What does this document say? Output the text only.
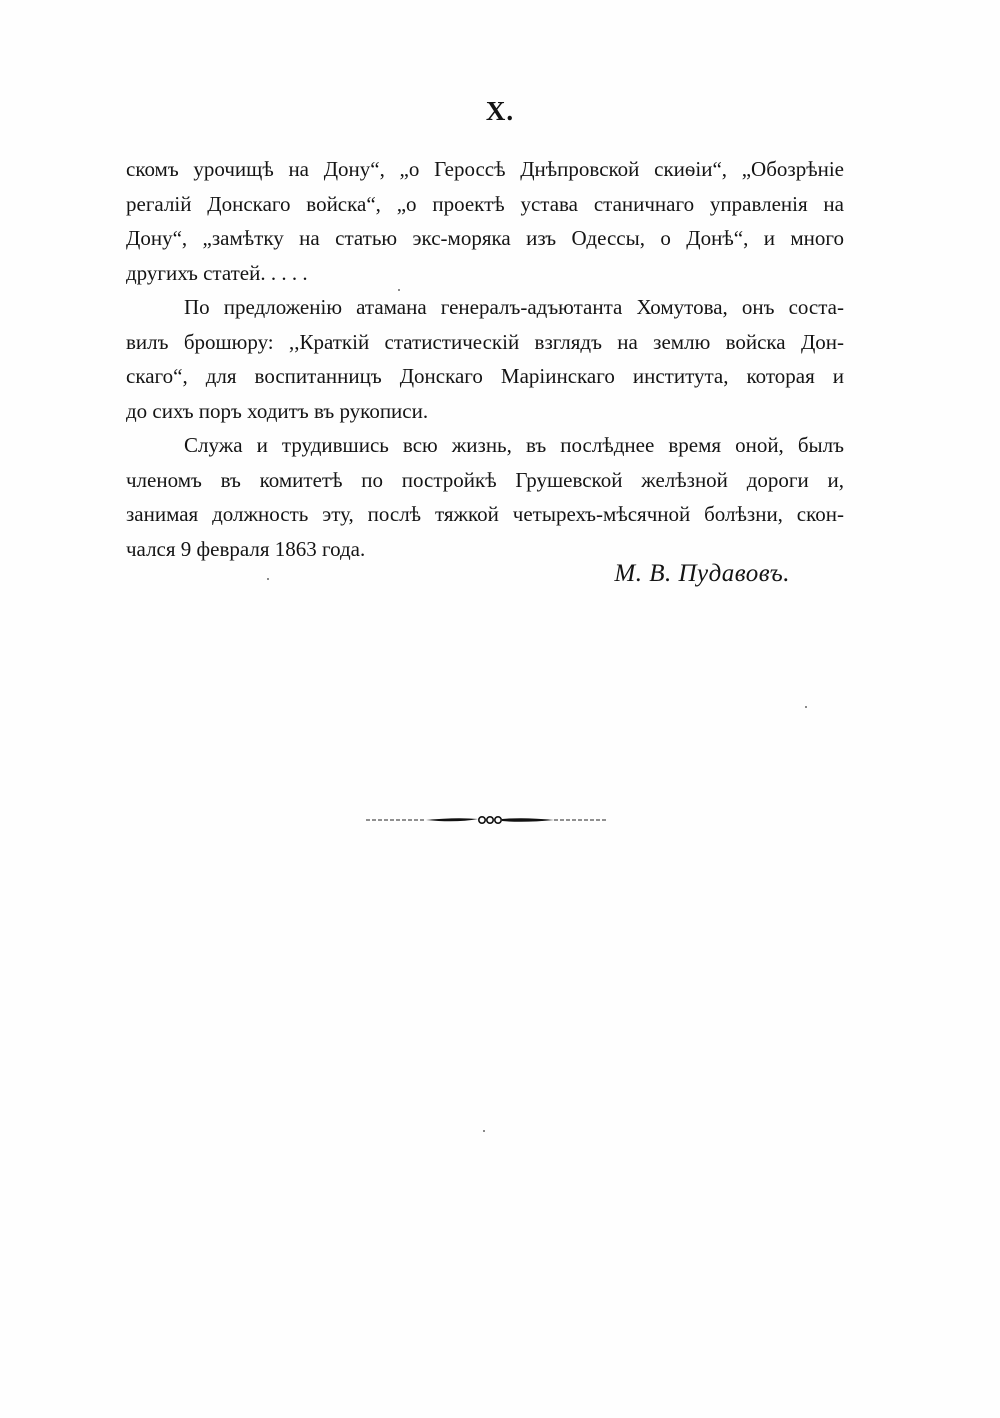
X.
скомъ урочищѣ на Дону“, „о Героссѣ Днѣпровской скиѳіи“, „Обозрѣніе
регалій Донскаго войска“, „о проектѣ устава станичнаго управленія на
Дону“, „замѣтку на статью экс-моряка изъ Одессы, о Донѣ“, и много
другихъ статей. . . . .
По предложенію атамана генералъ-адъютанта Хомутова, онъ соста-
вилъ брошюру: ,,Краткій статистическій взглядъ на землю войска Дон-
скаго“, для воспитанницъ Донскаго Маріинскаго института, которая и
до сихъ поръ ходитъ въ рукописи.
Служа и трудившись всю жизнь, въ послѣднее время оной, былъ
членомъ въ комитетѣ по постройкѣ Грушевской желѣзной дороги и,
занимая должность эту, послѣ тяжкой четырехъ-мѣсячной болѣзни, скон-
чался 9 февраля 1863 года.
М. В. Пудавовъ.
